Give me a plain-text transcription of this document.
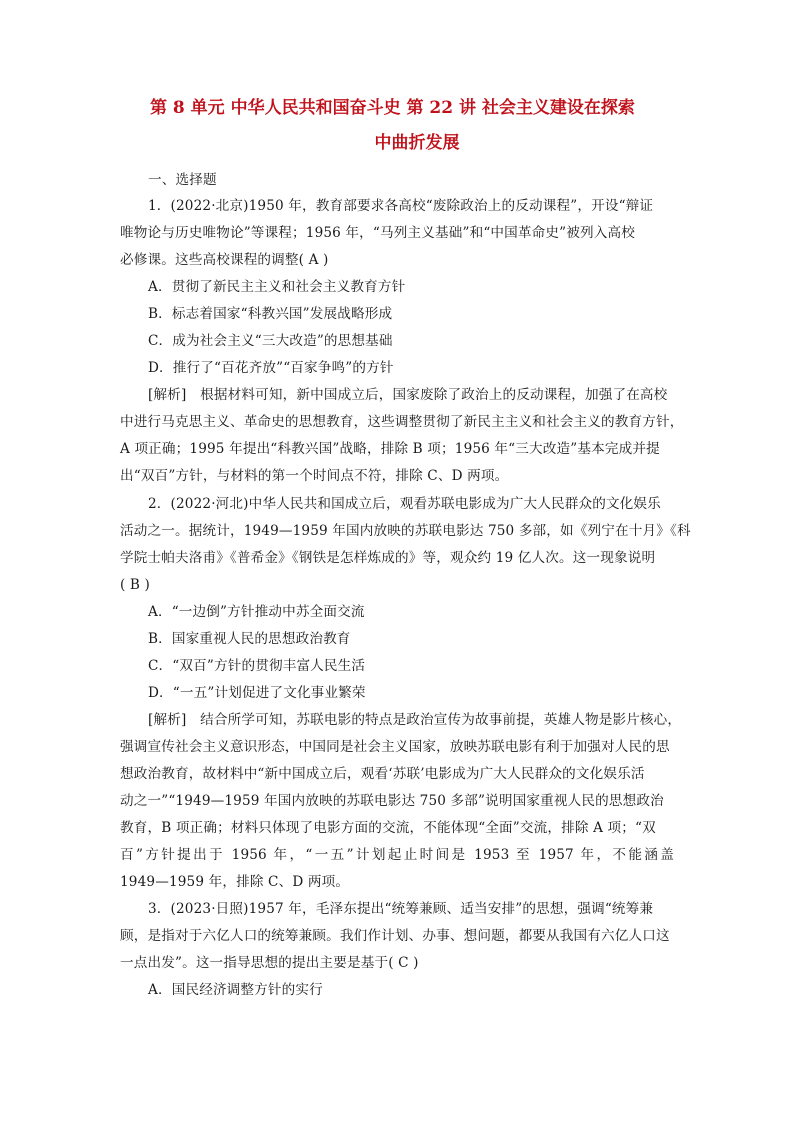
第 8 单元 中华人民共和国奋斗史 第 22 讲 社会主义建设在探索
中曲折发展
一、选择题
1．(2022·北京)1950 年，教育部要求各高校“废除政治上的反动课程”，开设“辩证
唯物论与历史唯物论”等课程；1956 年，“马列主义基础”和“中国革命史”被列入高校
必修课。这些高校课程的调整( A )
A．贯彻了新民主主义和社会主义教育方针
B．标志着国家“科教兴国”发展战略形成
C．成为社会主义“三大改造”的思想基础
D．推行了“百花齐放”“百家争鸣”的方针
[解析]　根据材料可知，新中国成立后，国家废除了政治上的反动课程，加强了在高校
中进行马克思主义、革命史的思想教育，这些调整贯彻了新民主主义和社会主义的教育方针，
A 项正确；1995 年提出“科教兴国”战略，排除 B 项；1956 年“三大改造”基本完成并提
出“双百”方针，与材料的第一个时间点不符，排除 C、D 两项。
2．(2022·河北)中华人民共和国成立后，观看苏联电影成为广大人民群众的文化娱乐
活动之一。据统计，1949—1959 年国内放映的苏联电影达 750 多部，如《列宁在十月》《科
学院士帕夫洛甫》《普希金》《钢铁是怎样炼成的》等，观众约 19 亿人次。这一现象说明
( B )
A．“一边倒”方针推动中苏全面交流
B．国家重视人民的思想政治教育
C．“双百”方针的贯彻丰富人民生活
D．“一五”计划促进了文化事业繁荣
[解析]　结合所学可知，苏联电影的特点是政治宣传为故事前提，英雄人物是影片核心，
强调宣传社会主义意识形态，中国同是社会主义国家，放映苏联电影有利于加强对人民的思
想政治教育，故材料中“新中国成立后，观看‘苏联’电影成为广大人民群众的文化娱乐活
动之一”“1949—1959 年国内放映的苏联电影达 750 多部”说明国家重视人民的思想政治
教育，B 项正确；材料只体现了电影方面的交流，不能体现“全面”交流，排除 A 项；“双
百”方针提出于 1956 年，“一五”计划起止时间是 1953 至 1957 年，不能涵盖
1949—1959 年，排除 C、D 两项。
3．(2023·日照)1957 年，毛泽东提出“统筹兼顾、适当安排”的思想，强调“统筹兼
顾，是指对于六亿人口的统筹兼顾。我们作计划、办事、想问题，都要从我国有六亿人口这
一点出发”。这一指导思想的提出主要是基于( C )
A．国民经济调整方针的实行
